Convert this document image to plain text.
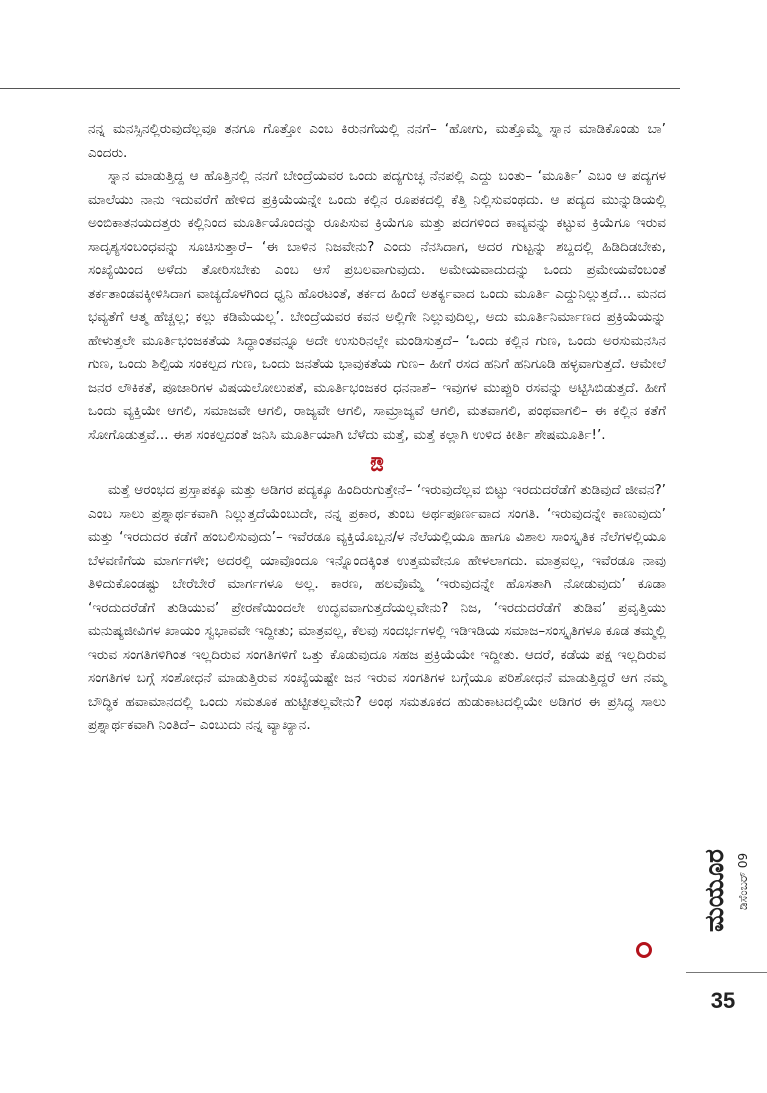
ನನ್ನ ಮನಸ್ಸಿನಲ್ಲಿರುವುದೆಲ್ಲವೂ ತನಗೂ ಗೊತ್ತೋ ಎಂಬ ಕಿರುನಗೆಯಲ್ಲಿ ನನಗೆ– ‘ಹೋಗು, ಮತ್ತೊಮ್ಮೆ ಸ್ನಾನ ಮಾಡಿಕೊಂಡು ಬಾ’ ಎಂದರು.

ಸ್ನಾನ ಮಾಡುತ್ತಿದ್ದ ಆ ಹೊತ್ತಿನಲ್ಲಿ ನನಗೆ ಬೇಂದ್ರೆಯವರ ಒಂದು ಪದ್ಯಗುಚ್ಛ ನೆನಪಲ್ಲಿ ಎದ್ದು ಬಂತು– ‘ಮೂರ್ತಿ’ ಎಬಂ ಆ ಪದ್ಯಗಳ ಮಾಲೆಯು ನಾನು ಇದುವರೆಗೆ ಹೇಳಿದ ಪ್ರಕ್ರಿಯೆಯನ್ನೇ ಒಂದು ಕಲ್ಲಿನ ರೂಪಕದಲ್ಲಿ ಕೆತ್ತಿ ನಿಲ್ಲಿಸುವಂಥದು. ಆ ಪದ್ಯದ ಮುನ್ನುಡಿಯಲ್ಲಿ ಅಂಬಿಕಾತನಯದತ್ತರು ಕಲ್ಲಿನಿಂದ ಮೂರ್ತಿಯೊಂದನ್ನು ರೂಪಿಸುವ ಕ್ರಿಯೆಗೂ ಮತ್ತು ಪದಗಳಿಂದ ಕಾವ್ಯವನ್ನು ಕಟ್ಟುವ ಕ್ರಿಯೆಗೂ ಇರುವ ಸಾದೃಶ್ಯಸಂಬಂಧವನ್ನು ಸೂಚಿಸುತ್ತಾರೆ– ‘ಈ ಬಾಳಿನ ನಿಜವೇನು? ಎಂದು ನೆನಸಿದಾಗ, ಅದರ ಗುಟ್ಟನ್ನು ಶಬ್ದದಲ್ಲಿ ಹಿಡಿದಿಡಬೇಕು, ಸಂಖ್ಯೆಯಿಂದ ಅಳೆದು ತೋರಿಸಬೇಕು ಎಂಬ ಆಸೆ ಪ್ರಬಲವಾಗುವುದು. ಅಮೇಯವಾದುದನ್ನು ಒಂದು ಪ್ರಮೇಯವೆಂಬಂತೆ ತರ್ಕತಾಂಡವಕ್ಕೀಳಿಸಿದಾಗ ವಾಚ್ಯದೊಳಗಿಂದ ಧ್ವನಿ ಹೊರಟಂತೆ, ತರ್ಕದ ಹಿಂದೆ ಅತರ್ಕ್ಯವಾದ ಒಂದು ಮೂರ್ತಿ ಎದ್ದುನಿಲ್ಲುತ್ತದೆ... ಮನದ ಭವ್ಯತೆಗೆ ಆತ್ಮ ಹೆಚ್ಚಲ್ಲ; ಕಲ್ಲು ಕಡಿಮೆಯಲ್ಲ’. ಬೇಂದ್ರೆಯವರ ಕವನ ಅಲ್ಲಿಗೇ ನಿಲ್ಲುವುದಿಲ್ಲ, ಅದು ಮೂರ್ತಿನಿರ್ಮಾಣದ ಪ್ರಕ್ರಿಯೆಯನ್ನು ಹೇಳುತ್ತಲೇ ಮೂರ್ತಿಭಂಜಕತೆಯ ಸಿದ್ಧಾಂತವನ್ನೂ ಅದೇ ಉಸುರಿನಲ್ಲೇ ಮಂಡಿಸುತ್ತದೆ– ‘ಒಂದು ಕಲ್ಲಿನ ಗುಣ, ಒಂದು ಅರಸುಮನಸಿನ ಗುಣ, ಒಂದು ಶಿಲ್ಪಿಯ ಸಂಕಲ್ಪದ ಗುಣ, ಒಂದು ಜನತೆಯ ಭಾವುಕತೆಯ ಗುಣ– ಹೀಗೆ ರಸದ ಹನಿಗೆ ಹನಿಗೂಡಿ ಹಳ್ಳವಾಗುತ್ತದೆ. ಆಮೇಲೆ ಜನರ ಲೌಕಿಕತೆ, ಪೂಜಾರಿಗಳ ವಿಷಯಲೋಲುಪತೆ, ಮೂರ್ತಿಭಂಜಕರ ಧನನಾಶೆ– ಇವುಗಳ ಮುಪ್ಪುರಿ ರಸವನ್ನು ಅಟ್ಟಿಸಿಬಿಡುತ್ತದೆ. ಹೀಗೆ ಒಂದು ವ್ಯಕ್ತಿಯೇ ಆಗಲಿ, ಸಮಾಜವೇ ಆಗಲಿ, ರಾಜ್ಯವೇ ಆಗಲಿ, ಸಾಮ್ರಾಜ್ಯವೆ ಆಗಲಿ, ಮತವಾಗಲಿ, ಪಂಥವಾಗಲಿ– ಈ ಕಲ್ಲಿನ ಕತೆಗೆ ಸೋಗೊಡುತ್ತವೆ... ಈಶ ಸಂಕಲ್ಪದಂತೆ ಜನಿಸಿ ಮೂರ್ತಿಯಾಗಿ ಬೆಳೆದು ಮತ್ತೆ, ಮತ್ತೆ ಕಲ್ಲಾಗಿ ಉಳಿದ ಕೀರ್ತಿ ಶೇಷಮೂರ್ತಿ!’.

ಔ

ಮತ್ತೆ ಆರಂಭದ ಪ್ರಸ್ತಾಪಕ್ಕೂ ಮತ್ತು ಅಡಿಗರ ಪದ್ಯಕ್ಕೂ ಹಿಂದಿರುಗುತ್ತೇನೆ– ‘ಇರುವುದೆಲ್ಲವ ಬಿಟ್ಟು ಇರದುದರೆಡೆಗೆ ತುಡಿವುದೆ ಜೀವನ?’ ಎಂಬ ಸಾಲು ಪ್ರಶ್ನಾರ್ಥಕವಾಗಿ ನಿಲ್ಲುತ್ತದೆಯೆಂಬುದೇ, ನನ್ನ ಪ್ರಕಾರ, ತುಂಬ ಅರ್ಥಪೂರ್ಣವಾದ ಸಂಗತಿ. ‘ಇರುವುದನ್ನೇ ಕಾಣುವುದು’ ಮತ್ತು ‘ಇರದುದರ ಕಡೆಗೆ ಹಂಬಲಿಸುವುದು’– ಇವೆರಡೂ ವ್ಯಕ್ತಿಯೊಬ್ಬನ/ಳ ನೆಲೆಯಲ್ಲಿಯೂ ಹಾಗೂ ವಿಶಾಲ ಸಾಂಸ್ಕೃತಿಕ ನೆಲೆಗಳಲ್ಲಿಯೂ ಬೆಳವಣಿಗೆಯ ಮಾರ್ಗಗಳೇ; ಅದರಲ್ಲಿ ಯಾವೊಂದೂ ಇನ್ನೊಂದಕ್ಕಿಂತ ಉತ್ತಮವೇನೂ ಹೇಳಲಾಗದು. ಮಾತ್ರವಲ್ಲ, ಇವೆರಡೂ ನಾವು ತಿಳಿದುಕೊಂಡಷ್ಟು ಬೇರೆಬೇರೆ ಮಾರ್ಗಗಳೂ ಅಲ್ಲ. ಕಾರಣ, ಹಲವೊಮ್ಮೆ ‘ಇರುವುದನ್ನೇ ಹೊಸತಾಗಿ ನೋಡುವುದು’ ಕೂಡಾ ‘ಇರದುದರೆಡೆಗೆ ತುಡಿಯುವ’ ಪ್ರೇರಣೆಯಿಂದಲೇ ಉದ್ಭವವಾಗುತ್ತದೆಯಲ್ಲವೇನು? ನಿಜ, ‘ಇರದುದರೆಡೆಗೆ ತುಡಿವ’ ಪ್ರವೃತ್ತಿಯು ಮನುಷ್ಯಜೀವಿಗಳ ಖಾಯಂ ಸ್ವಭಾವವೇ ಇದ್ದೀತು; ಮಾತ್ರವಲ್ಲ, ಕೆಲವು ಸಂದರ್ಭಗಳಲ್ಲಿ ಇಡಿಇಡಿಯ ಸಮಾಜ–ಸಂಸ್ಕೃತಿಗಳೂ ಕೂಡ ತಮ್ಮಲ್ಲಿ ಇರುವ ಸಂಗತಿಗಳಿಗಿಂತ ಇಲ್ಲದಿರುವ ಸಂಗತಿಗಳಿಗೆ ಒತ್ತು ಕೊಡುವುದೂ ಸಹಜ ಪ್ರಕ್ರಿಯೆಯೇ ಇದ್ದೀತು. ಆದರೆ, ಕಡೆಯ ಪಕ್ಷ ಇಲ್ಲದಿರುವ ಸಂಗತಿಗಳ ಬಗ್ಗೆ ಸಂಶೋಧನೆ ಮಾಡುತ್ತಿರುವ ಸಂಖ್ಯೆಯಷ್ಟೇ ಜನ ಇರುವ ಸಂಗತಿಗಳ ಬಗ್ಗೆಯೂ ಪರಿಶೋಧನೆ ಮಾಡುತ್ತಿದ್ದರೆ ಆಗ ನಮ್ಮ ಬೌದ್ಧಿಕ ಹವಾಮಾನದಲ್ಲಿ ಒಂದು ಸಮತೂಕ ಹುಟ್ಟೀತಲ್ಲವೇನು? ಅಂಥ ಸಮತೂಕದ ಹುಡುಕಾಟದಲ್ಲಿಯೇ ಅಡಿಗರ ಈ ಪ್ರಸಿದ್ಧ ಸಾಲು ಪ್ರಶ್ನಾರ್ಥಕವಾಗಿ ನಿಂತಿದೆ– ಎಂಬುದು ನನ್ನ ವ್ಯಾಖ್ಯಾನ.

ಮಯೂರ ಡಿಸೆಂಬರ್ 09
35
